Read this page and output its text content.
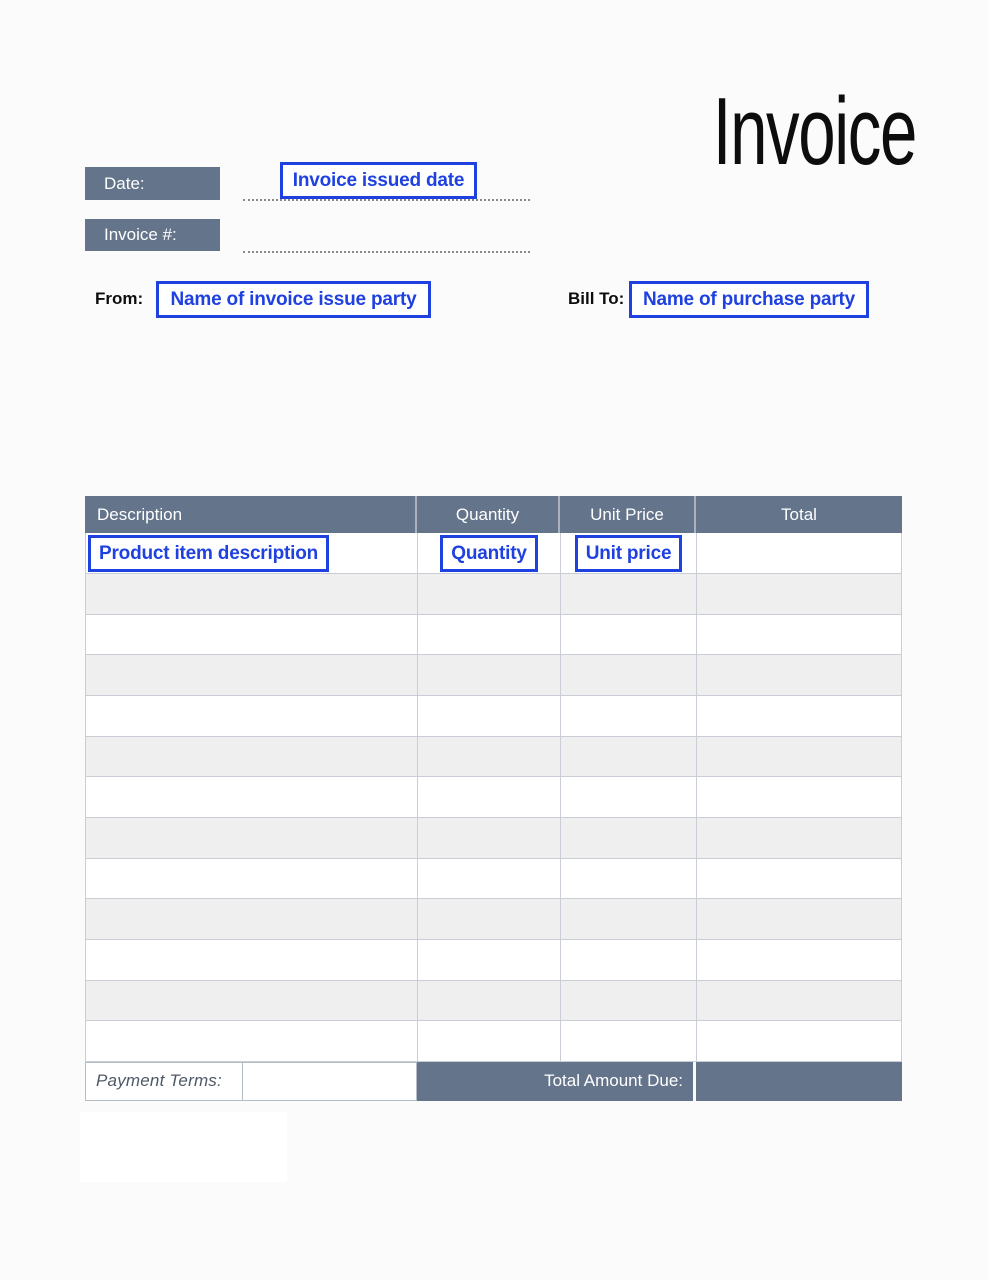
Invoice
Date:	Invoice issued date
Invoice #:
From: Name of invoice issue party	Bill To: Name of purchase party
Description	Quantity	Unit Price	Total
Product item description	Quantity	Unit price
Payment Terms:	Total Amount Due:
